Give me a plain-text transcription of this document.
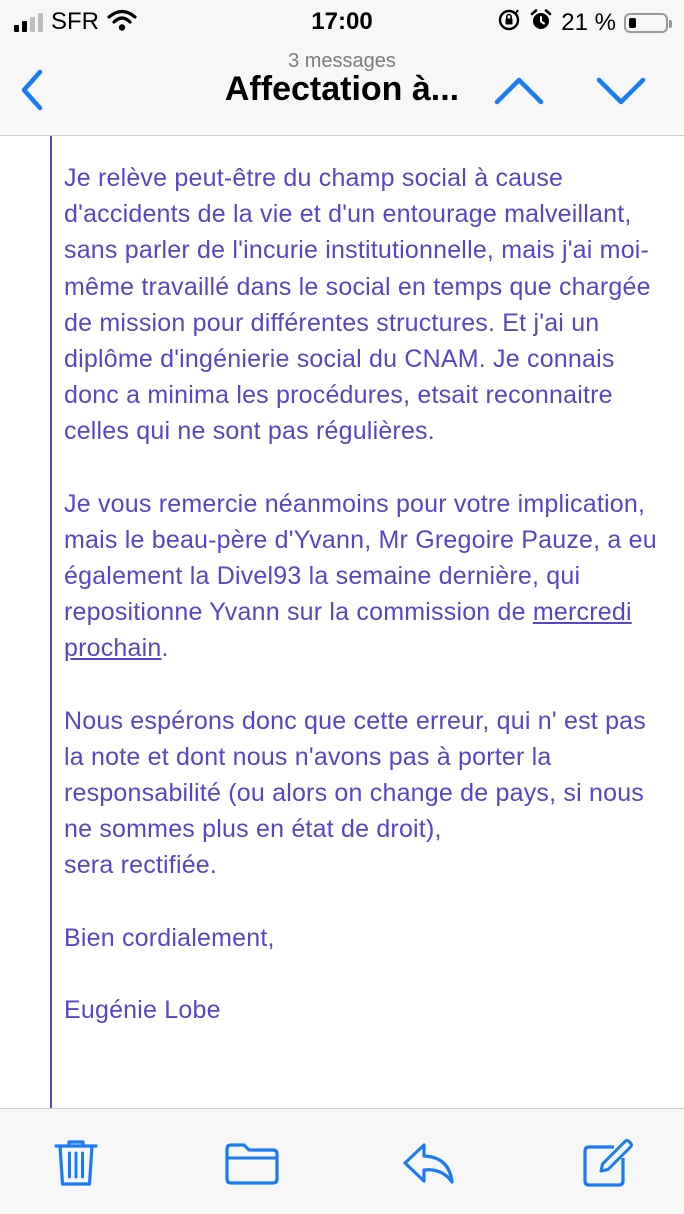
SFR	17:00	21 %
3 messages
Affectation à...

Je relève peut-être du champ social à cause d'accidents de la vie et d'un entourage malveillant, sans parler de l'incurie institutionnelle, mais j'ai moi-même travaillé dans le social en temps que chargée de mission pour différentes structures. Et j'ai un diplôme d'ingénierie social du CNAM. Je connais donc a minima les procédures, etsait reconnaitre celles qui ne sont pas régulières.

Je vous remercie néanmoins pour votre implication, mais le beau-père d'Yvann, Mr Gregoire Pauze, a eu également la Divel93 la semaine dernière, qui repositionne Yvann sur la commission de mercredi prochain.

Nous espérons donc que cette erreur, qui n' est pas la note et dont nous n'avons pas à porter la responsabilité (ou alors on change de pays, si nous ne sommes plus en état de droit),
sera rectifiée.

Bien cordialement,

Eugénie Lobe
